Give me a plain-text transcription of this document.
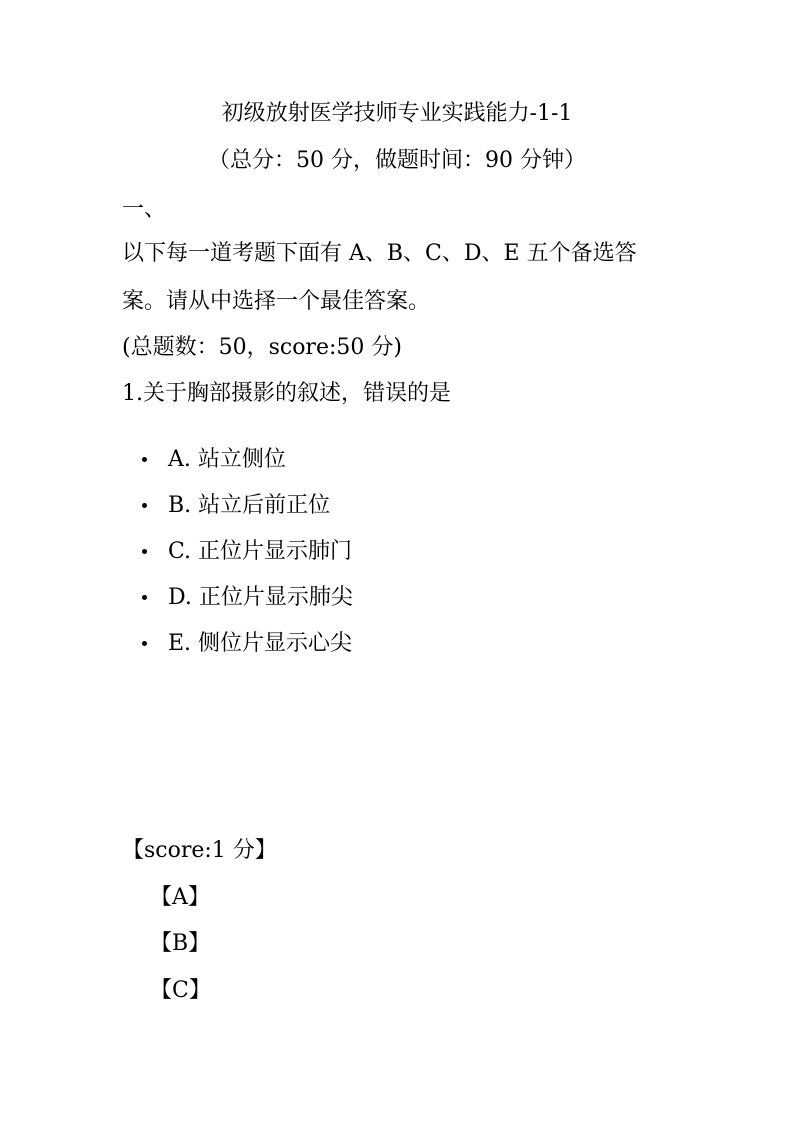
初级放射医学技师专业实践能力-1-1
（总分：50 分，做题时间：90 分钟）
一、
以下每一道考题下面有 A、B、C、D、E 五个备选答
案。请从中选择一个最佳答案。
(总题数：50，score:50 分)
1.关于胸部摄影的叙述，错误的是
A. 站立侧位
B. 站立后前正位
C. 正位片显示肺门
D. 正位片显示肺尖
E. 侧位片显示心尖
【score:1 分】
【A】
【B】
【C】
